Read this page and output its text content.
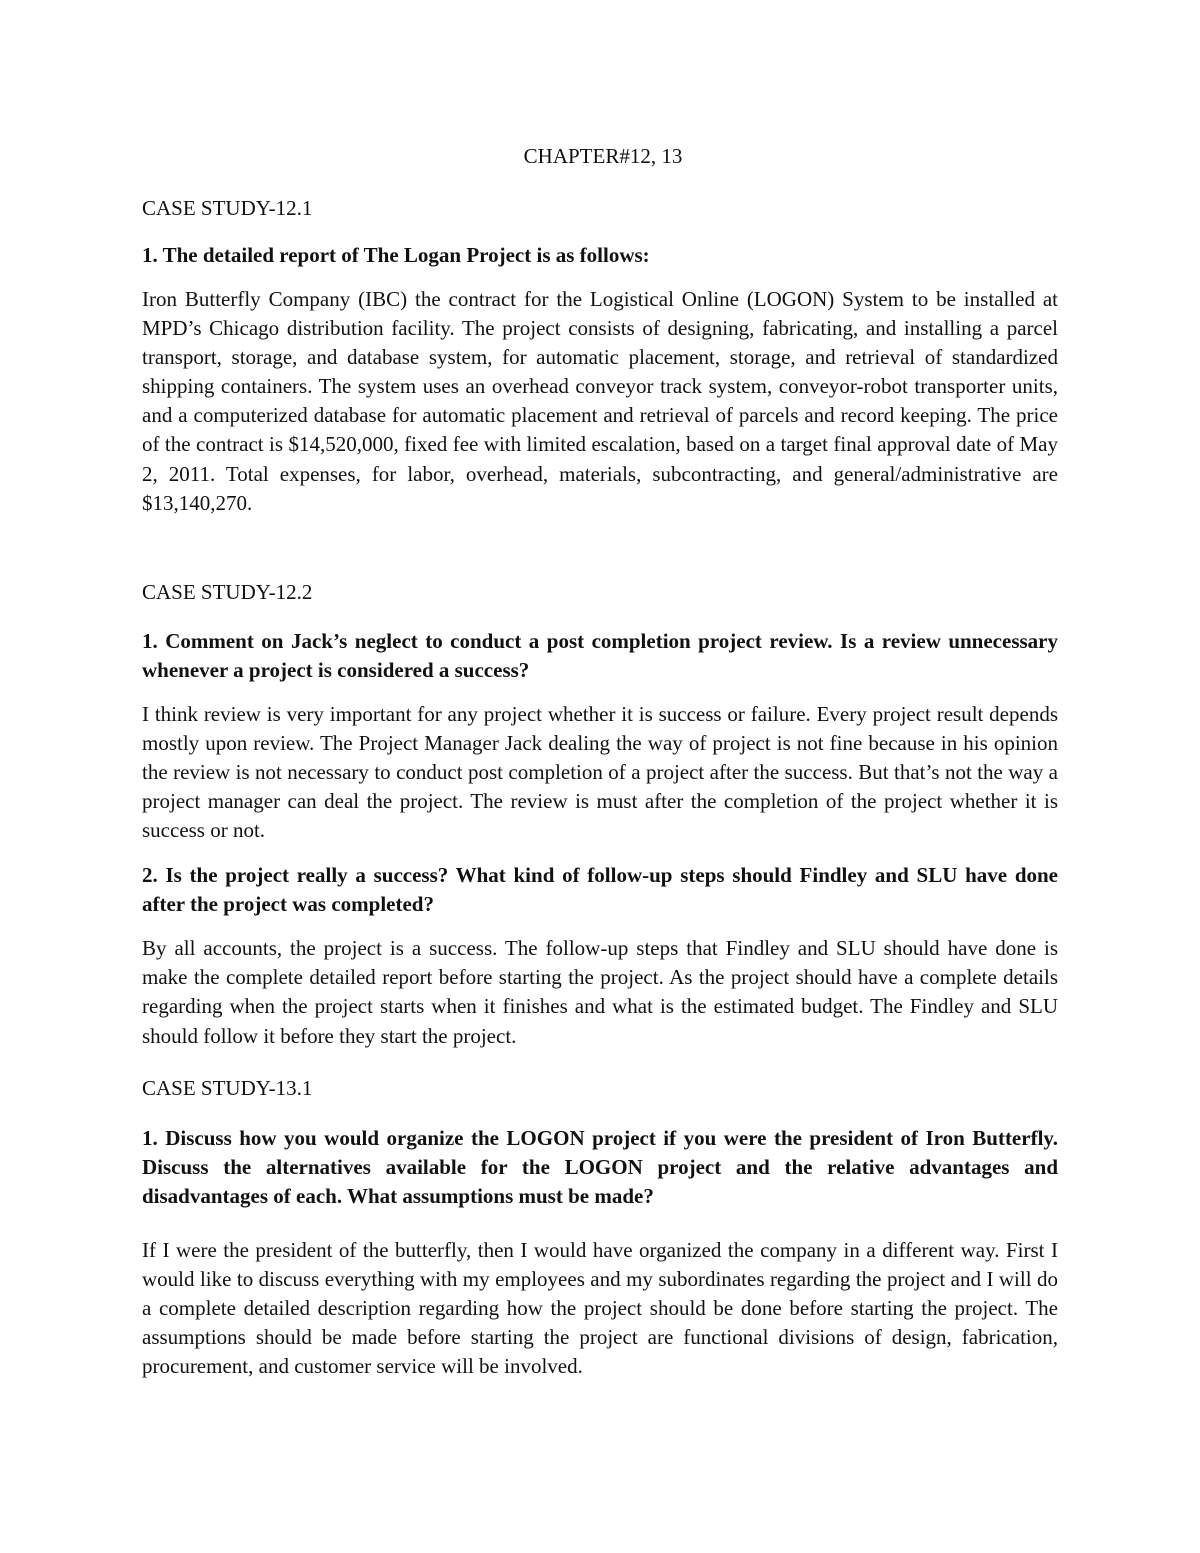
CHAPTER#12, 13
CASE STUDY-12.1

1. The detailed report of The Logan Project is as follows:

Iron Butterfly Company (IBC) the contract for the Logistical Online (LOGON) System to be installed at MPD’s Chicago distribution facility. The project consists of designing, fabricating, and installing a parcel transport, storage, and database system, for automatic placement, storage, and retrieval of standardized shipping containers. The system uses an overhead conveyor track system, conveyor-robot transporter units, and a computerized database for automatic placement and retrieval of parcels and record keeping. The price of the contract is $14,520,000, fixed fee with limited escalation, based on a target final approval date of May 2, 2011. Total expenses, for labor, overhead, materials, subcontracting, and general/administrative are $13,140,270.

CASE STUDY-12.2

1. Comment on Jack’s neglect to conduct a post completion project review. Is a review unnecessary whenever a project is considered a success?

I think review is very important for any project whether it is success or failure. Every project result depends mostly upon review. The Project Manager Jack dealing the way of project is not fine because in his opinion the review is not necessary to conduct post completion of a project after the success. But that’s not the way a project manager can deal the project. The review is must after the completion of the project whether it is success or not.

2. Is the project really a success? What kind of follow-up steps should Findley and SLU have done after the project was completed?

By all accounts, the project is a success. The follow-up steps that Findley and SLU should have done is make the complete detailed report before starting the project. As the project should have a complete details regarding when the project starts when it finishes and what is the estimated budget. The Findley and SLU should follow it before they start the project.

CASE STUDY-13.1

1. Discuss how you would organize the LOGON project if you were the president of Iron Butterfly. Discuss the alternatives available for the LOGON project and the relative advantages and disadvantages of each. What assumptions must be made?

If I were the president of the butterfly, then I would have organized the company in a different way. First I would like to discuss everything with my employees and my subordinates regarding the project and I will do a complete detailed description regarding how the project should be done before starting the project. The assumptions should be made before starting the project are functional divisions of design, fabrication, procurement, and customer service will be involved.
